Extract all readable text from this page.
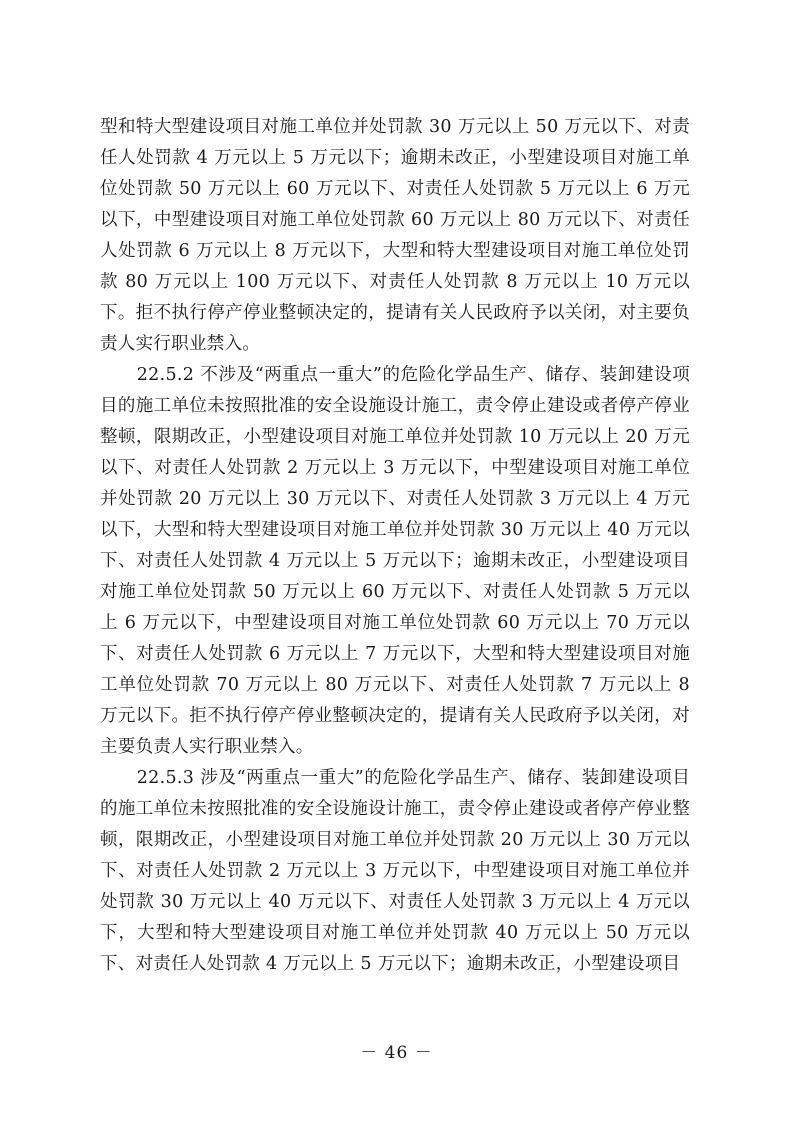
型和特大型建设项目对施工单位并处罚款 30 万元以上 50 万元以下、对责任人处罚款 4 万元以上 5 万元以下；逾期未改正，小型建设项目对施工单位处罚款 50 万元以上 60 万元以下、对责任人处罚款 5 万元以上 6 万元以下，中型建设项目对施工单位处罚款 60 万元以上 80 万元以下、对责任人处罚款 6 万元以上 8 万元以下，大型和特大型建设项目对施工单位处罚款 80 万元以上 100 万元以下、对责任人处罚款 8 万元以上 10 万元以下。拒不执行停产停业整顿决定的，提请有关人民政府予以关闭，对主要负责人实行职业禁入。

22.5.2 不涉及“两重点一重大”的危险化学品生产、储存、装卸建设项目的施工单位未按照批准的安全设施设计施工，责令停止建设或者停产停业整顿，限期改正，小型建设项目对施工单位并处罚款 10 万元以上 20 万元以下、对责任人处罚款 2 万元以上 3 万元以下，中型建设项目对施工单位并处罚款 20 万元以上 30 万元以下、对责任人处罚款 3 万元以上 4 万元以下，大型和特大型建设项目对施工单位并处罚款 30 万元以上 40 万元以下、对责任人处罚款 4 万元以上 5 万元以下；逾期未改正，小型建设项目对施工单位处罚款 50 万元以上 60 万元以下、对责任人处罚款 5 万元以上 6 万元以下，中型建设项目对施工单位处罚款 60 万元以上 70 万元以下、对责任人处罚款 6 万元以上 7 万元以下，大型和特大型建设项目对施工单位处罚款 70 万元以上 80 万元以下、对责任人处罚款 7 万元以上 8 万元以下。拒不执行停产停业整顿决定的，提请有关人民政府予以关闭，对主要负责人实行职业禁入。

22.5.3 涉及“两重点一重大”的危险化学品生产、储存、装卸建设项目的施工单位未按照批准的安全设施设计施工，责令停止建设或者停产停业整顿，限期改正，小型建设项目对施工单位并处罚款 20 万元以上 30 万元以下、对责任人处罚款 2 万元以上 3 万元以下，中型建设项目对施工单位并处罚款 30 万元以上 40 万元以下、对责任人处罚款 3 万元以上 4 万元以下，大型和特大型建设项目对施工单位并处罚款 40 万元以上 50 万元以下、对责任人处罚款 4 万元以上 5 万元以下；逾期未改正，小型建设项目

－ 46 －
